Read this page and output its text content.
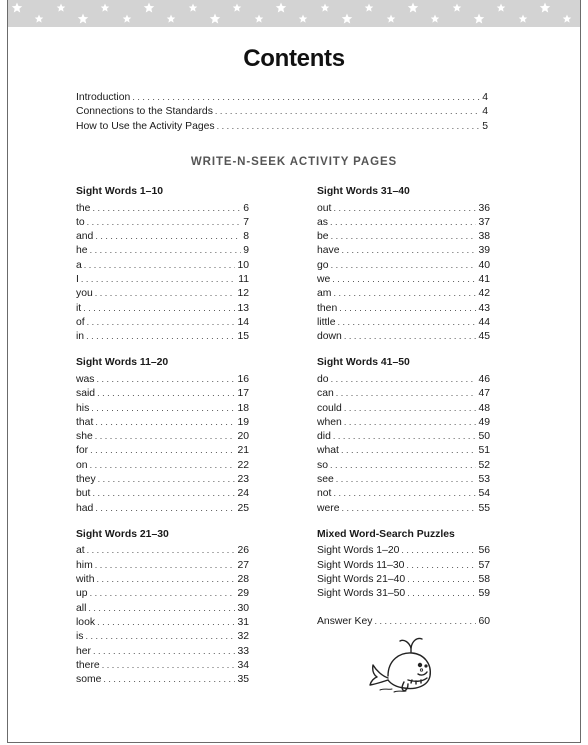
Contents
Introduction . . .	4
Connections to the Standards . . .	4
How to Use the Activity Pages . . .	5
WRITE-N-SEEK ACTIVITY PAGES
Sight Words 1–10
the . . .	6
to . . .	7
and . . .	8
he . . .	9
a . . .	10
I . . .	11
you . . .	12
it . . .	13
of . . .	14
in . . .	15
Sight Words 11–20
was . . .	16
said . . .	17
his . . .	18
that . . .	19
she . . .	20
for . . .	21
on . . .	22
they . . .	23
but . . .	24
had . . .	25
Sight Words 21–30
at . . .	26
him . . .	27
with . . .	28
up . . .	29
all . . .	30
look . . .	31
is . . .	32
her . . .	33
there . . .	34
some . . .	35
Sight Words 31–40
out . . .	36
as . . .	37
be . . .	38
have . . .	39
go . . .	40
we . . .	41
am . . .	42
then . . .	43
little . . .	44
down . . .	45
Sight Words 41–50
do . . .	46
can . . .	47
could . . .	48
when . . .	49
did . . .	50
what . . .	51
so . . .	52
see . . .	53
not . . .	54
were . . .	55
Mixed Word-Search Puzzles
Sight Words 1–20 . . .	56
Sight Words 11–30 . . .	57
Sight Words 21–40 . . .	58
Sight Words 31–50 . . .	59
Answer Key . . .	60
